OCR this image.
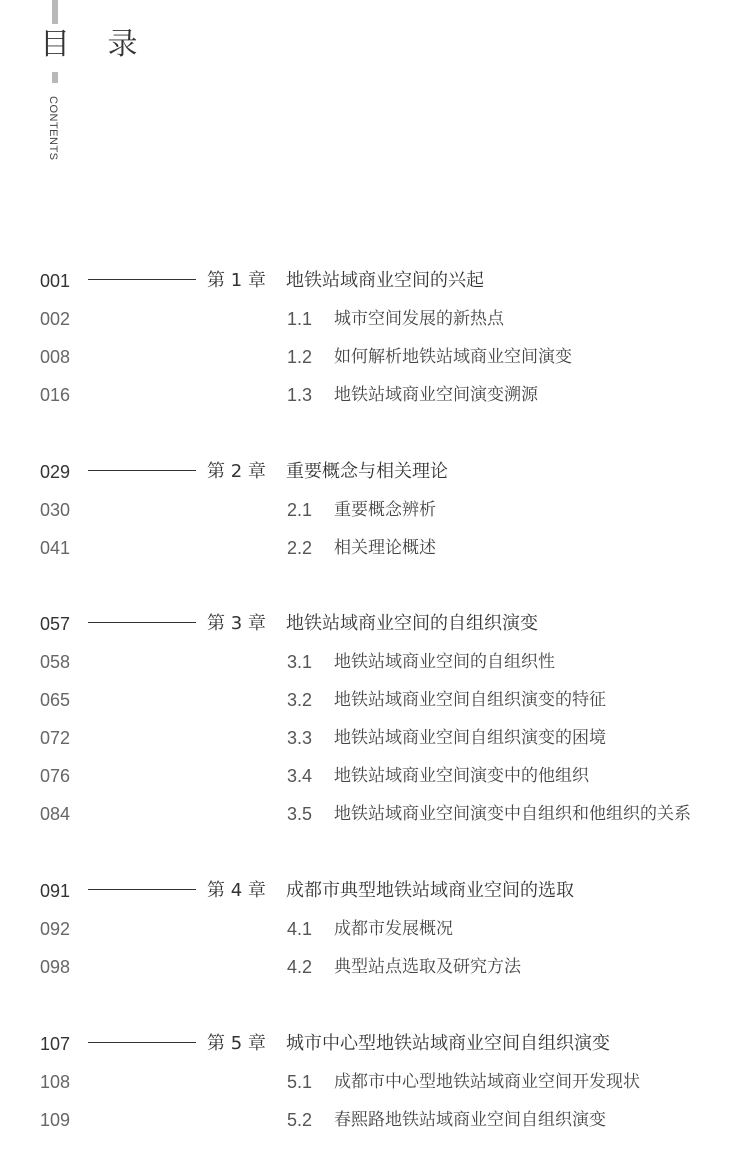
目 录
CONTENTS
001	第 1 章 地铁站域商业空间的兴起
002	1.1 城市空间发展的新热点
008	1.2 如何解析地铁站域商业空间演变
016	1.3 地铁站域商业空间演变溯源
029	第 2 章 重要概念与相关理论
030	2.1 重要概念辨析
041	2.2 相关理论概述
057	第 3 章 地铁站域商业空间的自组织演变
058	3.1 地铁站域商业空间的自组织性
065	3.2 地铁站域商业空间自组织演变的特征
072	3.3 地铁站域商业空间自组织演变的困境
076	3.4 地铁站域商业空间演变中的他组织
084	3.5 地铁站域商业空间演变中自组织和他组织的关系
091	第 4 章 成都市典型地铁站域商业空间的选取
092	4.1 成都市发展概况
098	4.2 典型站点选取及研究方法
107	第 5 章 城市中心型地铁站域商业空间自组织演变
108	5.1 成都市中心型地铁站域商业空间开发现状
109	5.2 春熙路地铁站域商业空间自组织演变
